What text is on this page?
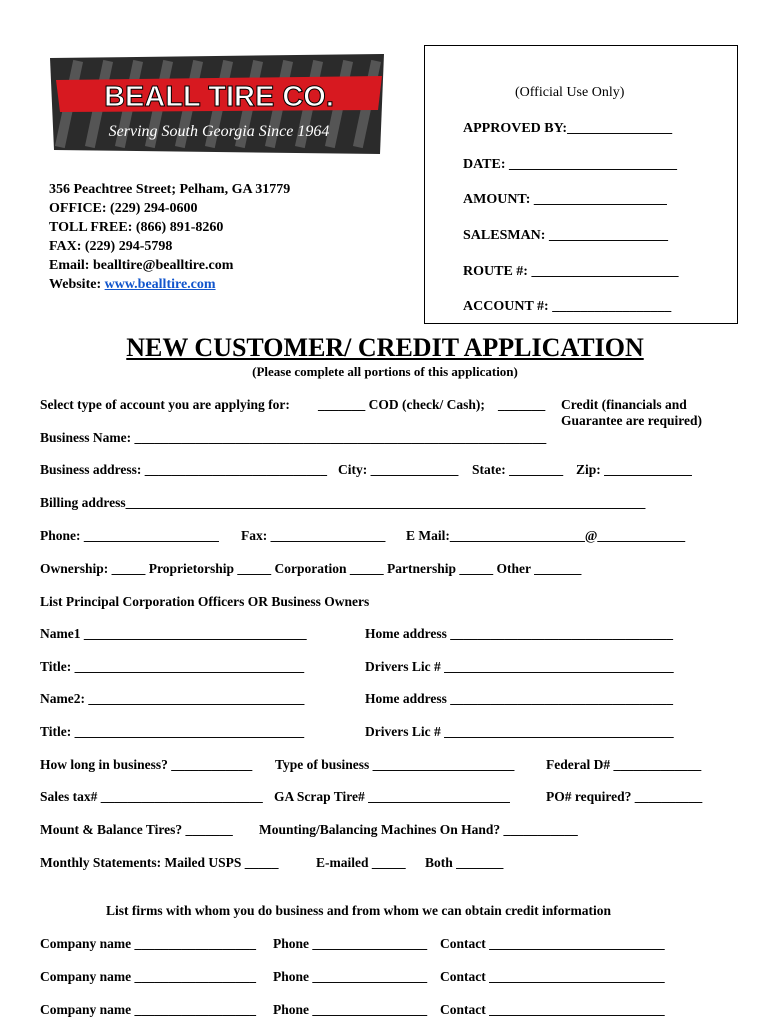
BEALL TIRE CO.
Serving South Georgia Since 1964
356 Peachtree Street; Pelham, GA 31779
OFFICE: (229) 294-0600
TOLL FREE: (866) 891-8260
FAX: (229) 294-5798
Email: bealltire@bealltire.com
Website: www.bealltire.com
(Official Use Only)
APPROVED BY:_______________
DATE: ________________________
AMOUNT: ___________________
SALESMAN: _________________
ROUTE #: _____________________
ACCOUNT #: _________________
NEW CUSTOMER/ CREDIT APPLICATION
(Please complete all portions of this application)
Select type of account you are applying for: _______ COD (check/ Cash); _______ Credit (financials and
Guarantee are required)
Business Name: _____________________________________________________________
Business address: ___________________________ City: _____________ State: ________ Zip: _____________
Billing address_____________________________________________________________________________
Phone: ____________________ Fax: _________________ E Mail:____________________@_____________
Ownership: _____ Proprietorship _____ Corporation _____ Partnership _____ Other _______
List Principal Corporation Officers OR Business Owners
Name1 _________________________________	Home address _________________________________
Title: __________________________________	Drivers Lic # __________________________________
Name2: ________________________________	Home address _________________________________
Title: __________________________________	Drivers Lic # __________________________________
How long in business? ____________ Type of business _____________________ Federal D# _____________
Sales tax# ________________________ GA Scrap Tire# _____________________	PO# required? __________
Mount & Balance Tires? _______ Mounting/Balancing Machines On Hand? ___________
Monthly Statements: Mailed USPS _____	E-mailed _____ Both _______
List firms with whom you do business and from whom we can obtain credit information
Company name __________________ Phone _________________ Contact __________________________
Company name __________________ Phone _________________ Contact __________________________
Company name __________________ Phone _________________ Contact __________________________
